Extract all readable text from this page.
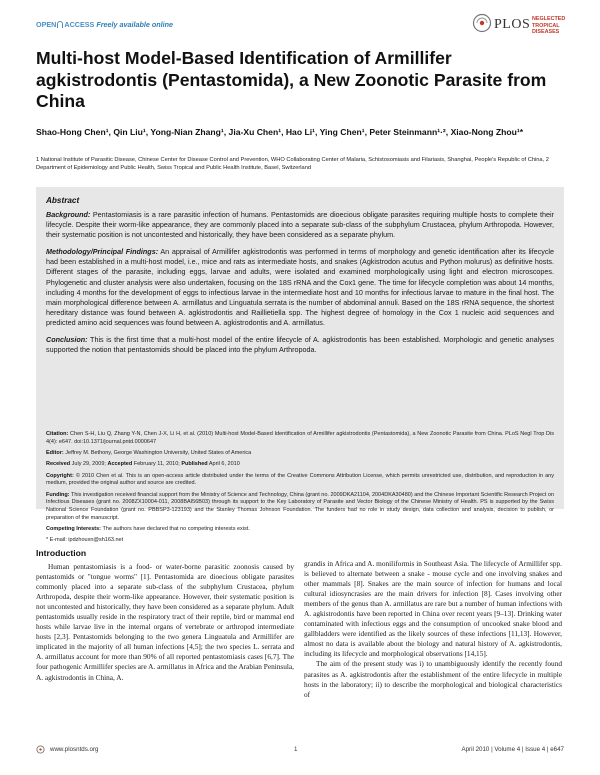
OPEN ACCESS Freely available online	PLOS NEGLECTED
TROPICAL DISEASES
Multi-host Model-Based Identification of Armillifer agkistrodontis (Pentastomida), a New Zoonotic Parasite from China
Shao-Hong Chen¹, Qin Liu¹, Yong-Nian Zhang¹, Jia-Xu Chen¹, Hao Li¹, Ying Chen¹, Peter Steinmann¹·², Xiao-Nong Zhou¹*
1 National Institute of Parasitic Disease, Chinese Center for Disease Control and Prevention, WHO Collaborating Center of Malaria, Schistosomiasis and Filariasis, Shanghai, People's Republic of China, 2 Department of Epidemiology and Public Health, Swiss Tropical and Public Health Institute, Basel, Switzerland
Abstract

Background: Pentastomiasis is a rare parasitic infection of humans. Pentastomids are dioecious obligate parasites requiring multiple hosts to complete their lifecycle. Despite their worm-like appearance, they are commonly placed into a separate sub-class of the subphylum Crustacea, phylum Arthropoda. However, their systematic position is not uncontested and historically, they have been considered as a separate phylum.

Methodology/Principal Findings: An appraisal of Armillifer agkistrodontis was performed in terms of morphology and genetic identification after its lifecycle had been established in a multi-host model, i.e., mice and rats as intermediate hosts, and snakes (Agkistrodon acutus and Python molurus) as definitive hosts. Different stages of the parasite, including eggs, larvae and adults, were isolated and examined morphologically using light and electron microscopes. Phylogenetic and cluster analysis were also undertaken, focusing on the 18S rRNA and the Cox1 gene. The time for lifecycle completion was about 14 months, including 4 months for the development of eggs to infectious larvae in the intermediate host and 10 months for infectious larvae to mature in the final host. The main morphological difference between A. armillatus and Linguatula serrata is the number of abdominal annuli. Based on the 18S rRNA sequence, the shortest hereditary distance was found between A. agkistrodontis and Raillietiella spp. The highest degree of homology in the Cox 1 nucleic acid sequences and predicted amino acid sequences was found between A. agkistrodontis and A. armillatus.

Conclusion: This is the first time that a multi-host model of the entire lifecycle of A. agkistrodontis has been established. Morphologic and genetic analyses supported the notion that pentastomids should be placed into the phylum Arthropoda.

Citation: Chen S-H, Liu Q, Zhang Y-N, Chen J-X, Li H, et al. (2010) Multi-host Model-Based Identification of Armillifer agkistrodontis (Pentastomida), a New Zoonotic Parasite from China. PLoS Negl Trop Dis 4(4): e647. doi:10.1371/journal.pntd.0000647

Editor: Jeffrey M. Bethony, George Washington University, United States of America

Received July 29, 2009; Accepted February 11, 2010; Published April 6, 2010

Copyright: © 2010 Chen et al. This is an open-access article distributed under the terms of the Creative Commons Attribution License, which permits unrestricted use, distribution, and reproduction in any medium, provided the original author and source are credited.

Funding: This investigation received financial support from the Ministry of Science and Technology, China (grant no. 2009DKA21104, 2004DKA30480) and the Chinese Important Scientific Research Project on Infectious Diseases (grant no. 2008ZX10004-011, 2008BAI56B03) through its support to the Key Laboratory of Parasite and Vector Biology of the Chinese Ministry of Health. PS is supported by the Swiss National Science Foundation (grant no. PBBSP3-123193) and the Stanley Thomas Johnson Foundation. The funders had no role in study design, data collection and analysis, decision to publish, or preparation of the manuscript.

Competing Interests: The authors have declared that no competing interests exist.

* E-mail: ipdzhouxn@sh163.net

Introduction

Human pentastomiasis is a food- or water-borne parasitic zoonosis caused by pentastomids or "tongue worms" [1]. Pentastomida are dioecious obligate parasites commonly placed into a separate sub-class of the subphylum Crustacea, phylum Arthropoda, despite their worm-like appearance. However, their systematic position is not uncontested and historically, they have been considered as a separate phylum. Adult pentastomids usually reside in the respiratory tract of their reptile, bird or mammal end hosts while larvae live in the internal organs of vertebrate or arthropod intermediate hosts [2,3]. Pentastomids belonging to the two genera Linguatula and Armillifer are implicated in the majority of all human infections [4,5]; the two species L. serrata and A. armillatus account for more than 90% of all reported pentastomiasis cases [6,7]. The four pathogenic Armillifer species are A. armillatus in Africa and the Arabian Peninsula, A. agkistrodontis in China, A.

grandis in Africa and A. moniliformis in Southeast Asia. The lifecycle of Armillifer spp. is believed to alternate between a snake - mouse cycle and one involving snakes and other mammals [8]. Snakes are the main source of infection for humans and local cultural idiosyncrasies are the main drivers for infection [8]. Cases involving other members of the genus than A. armillatus are rare but a number of human infections with A. agkistrodontis have been reported in China over recent years [9–13]. Drinking water contaminated with infectious eggs and the consumption of uncooked snake blood and gallbladders were identified as the likely sources of these infections [11,13]. However, almost no data is available about the biology and natural history of A. agkistrodontis, including its lifecycle and morphological observations [14,15].

The aim of the present study was i) to unambiguously identify the recently found parasites as A. agkistrodontis after the establishment of the entire lifecycle in multiple hosts in the laboratory; ii) to describe the morphological and biological characteristics of

www.plosntds.org	1	April 2010 | Volume 4 | Issue 4 | e647
